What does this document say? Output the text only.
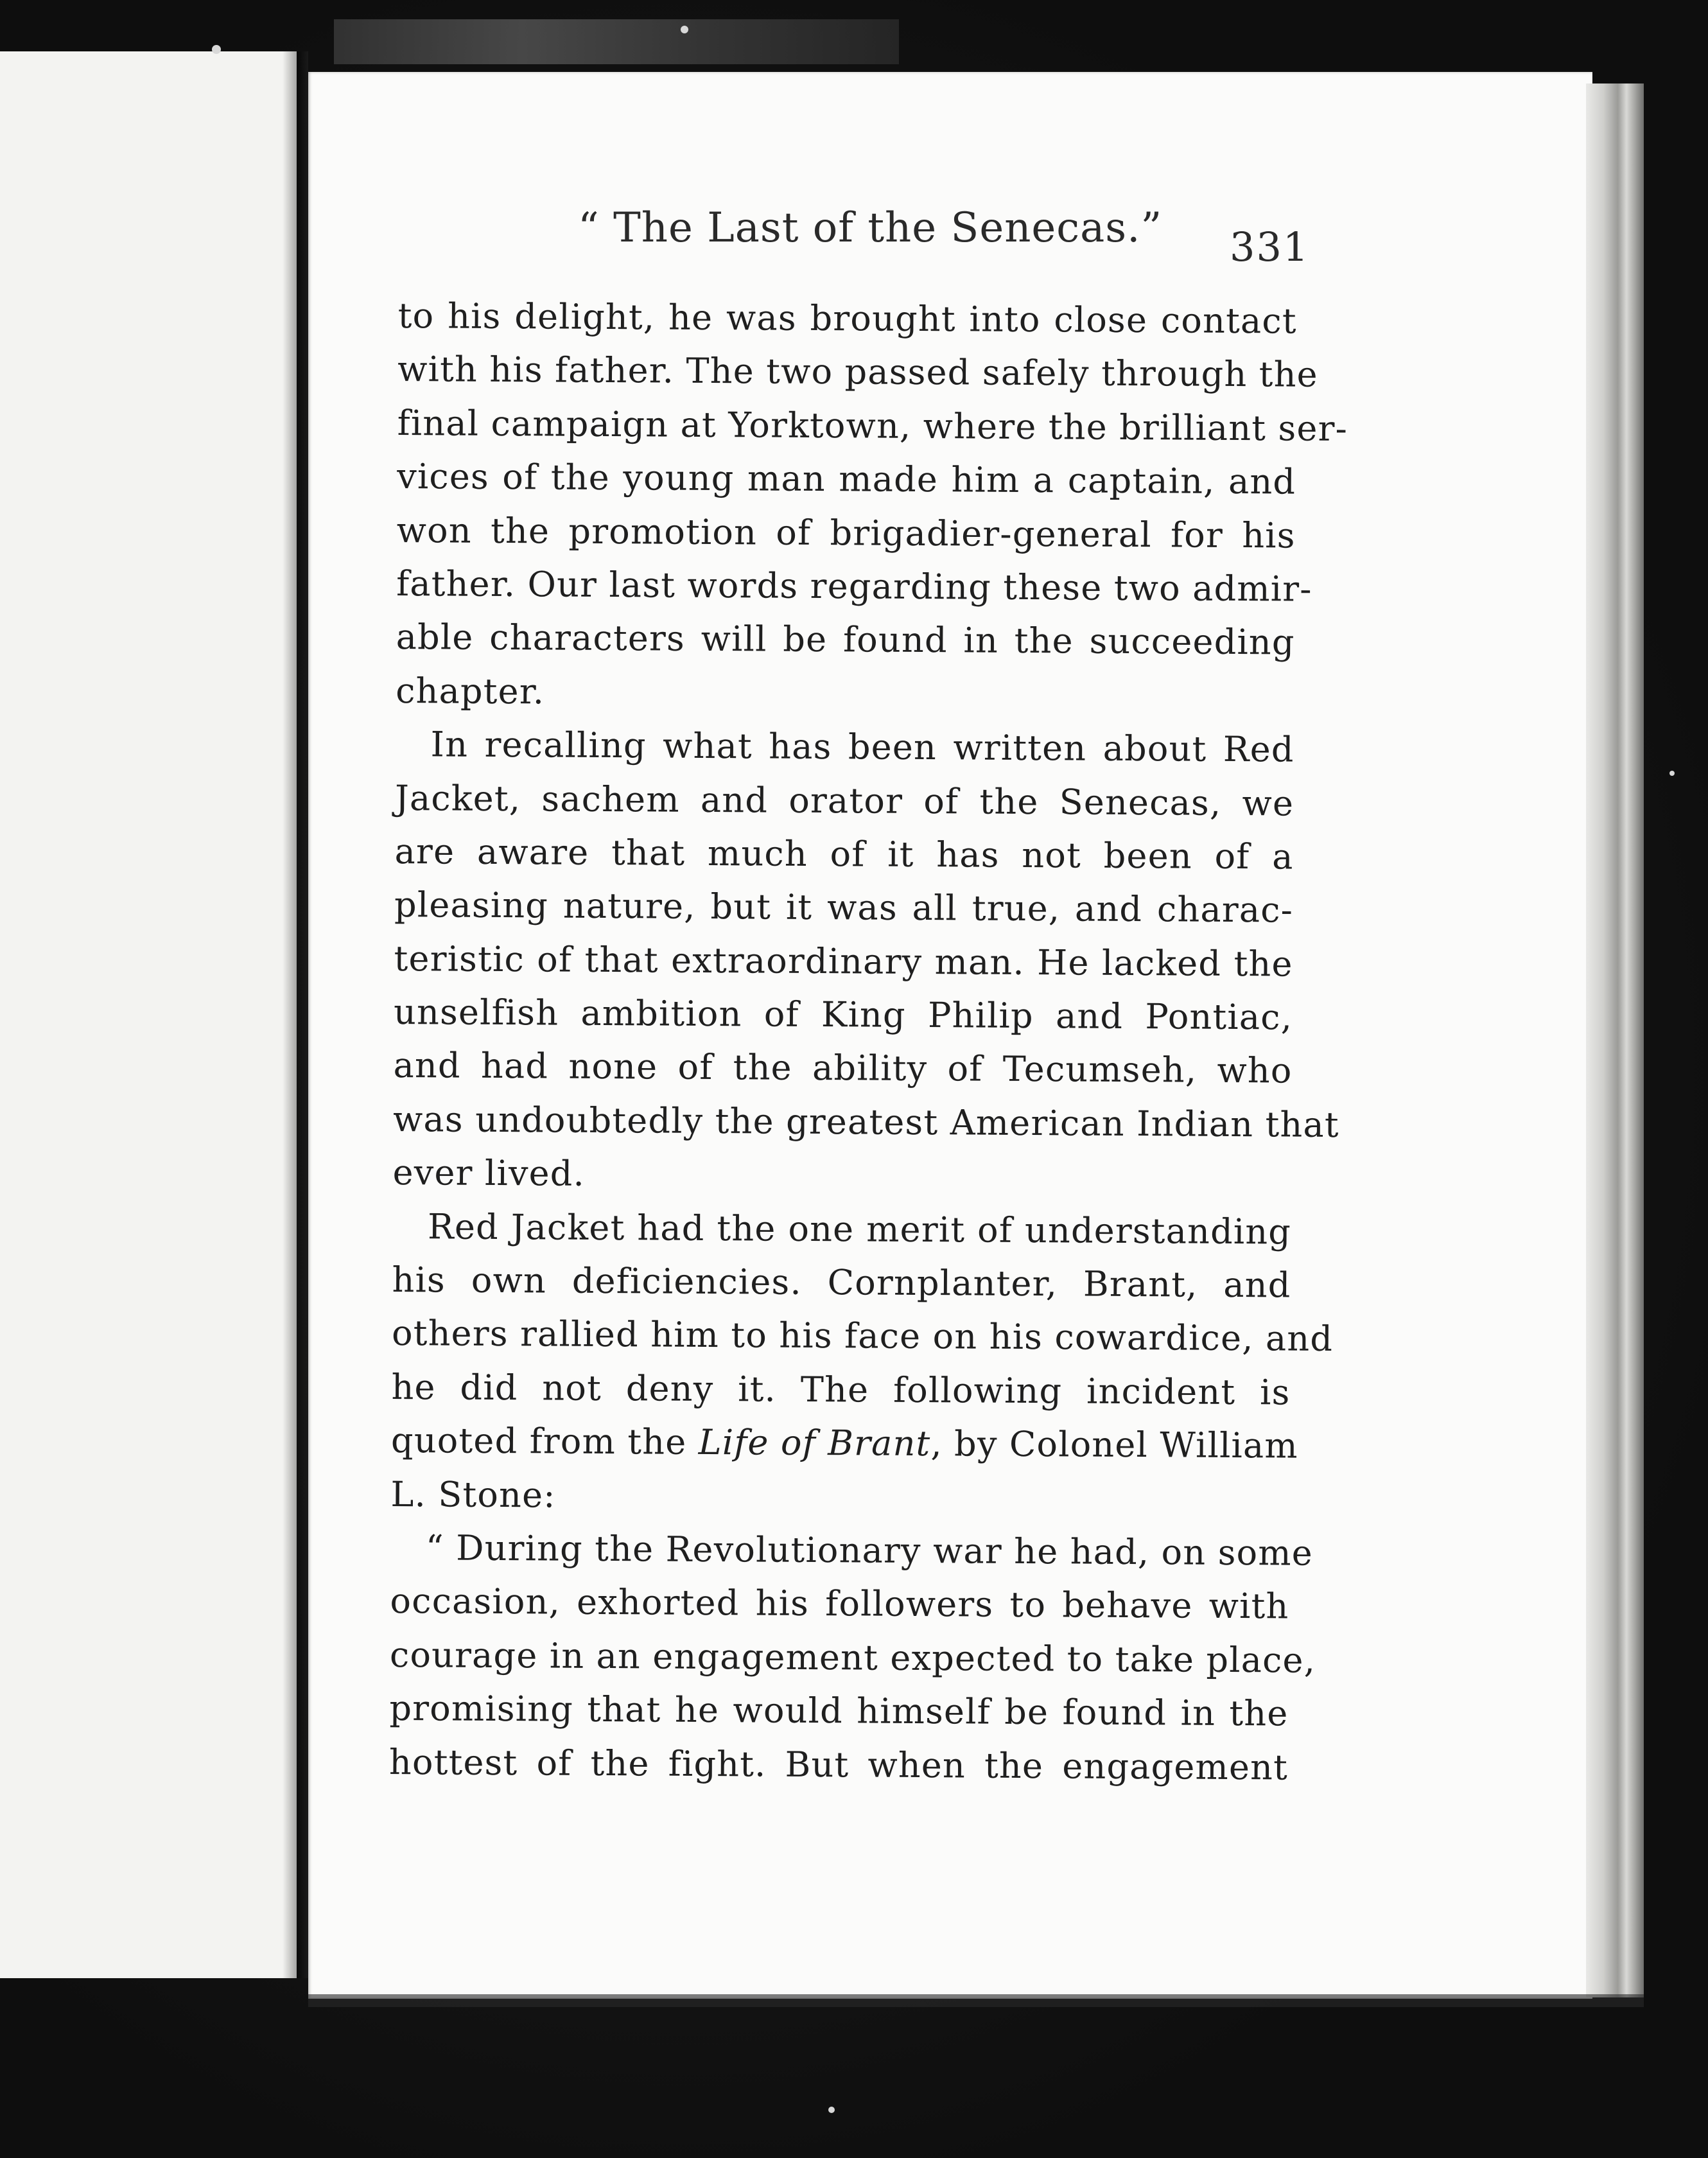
“ The Last of the Senecas.”	331
to his delight, he was brought into close contact
with his father. The two passed safely through the
final campaign at Yorktown, where the brilliant ser-
vices of the young man made him a captain, and
won the promotion of brigadier-general for his
father. Our last words regarding these two admir-
able characters will be found in the succeeding
chapter.
In recalling what has been written about Red
Jacket, sachem and orator of the Senecas, we
are aware that much of it has not been of a
pleasing nature, but it was all true, and charac-
teristic of that extraordinary man. He lacked the
unselfish ambition of King Philip and Pontiac,
and had none of the ability of Tecumseh, who
was undoubtedly the greatest American Indian that
ever lived.
Red Jacket had the one merit of understanding
his own deficiencies. Cornplanter, Brant, and
others rallied him to his face on his cowardice, and
he did not deny it. The following incident is
quoted from the Life of Brant, by Colonel William
L. Stone:
“ During the Revolutionary war he had, on some
occasion, exhorted his followers to behave with
courage in an engagement expected to take place,
promising that he would himself be found in the
hottest of the fight. But when the engagement
